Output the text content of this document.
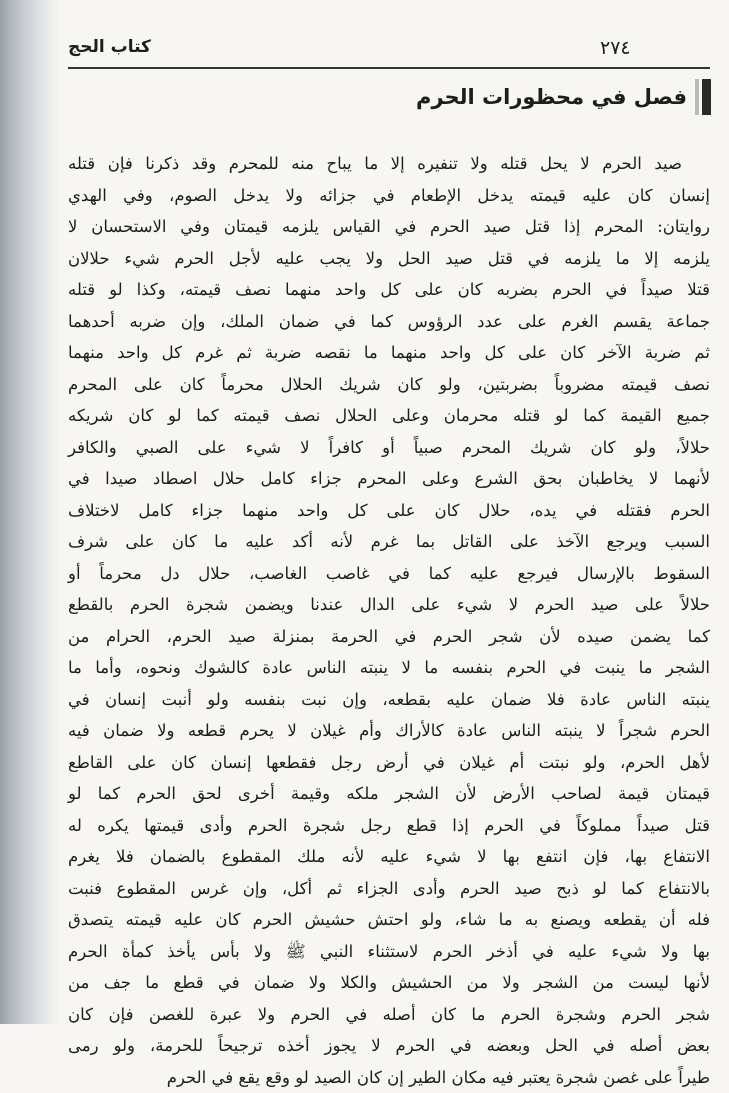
٢٧٤
كتاب الحج
فصل في محظورات الحرم
صيد الحرم لا يحل قتله ولا تنفيره إلا ما يباح منه للمحرم وقد ذكرنا فإن قتله
إنسان كان عليه قيمته يدخل الإطعام في جزائه ولا يدخل الصوم، وفي الهدي
روايتان: المحرم إذا قتل صيد الحرم في القياس يلزمه قيمتان وفي الاستحسان لا
يلزمه إلا ما يلزمه في قتل صيد الحل ولا يجب عليه لأجل الحرم شيء حلالان
قتلا صيداً في الحرم بضربه كان على كل واحد منهما نصف قيمته، وكذا لو قتله
جماعة يقسم الغرم على عدد الرؤوس كما في ضمان الملك، وإن ضربه أحدهما
ثم ضربة الآخر كان على كل واحد منهما ما نقصه ضربة ثم غرم كل واحد منهما
نصف قيمته مضروباً بضربتين، ولو كان شريك الحلال محرماً كان على المحرم
جميع القيمة كما لو قتله محرمان وعلى الحلال نصف قيمته كما لو كان شريكه
حلالاً، ولو كان شريك المحرم صبياً أو كافراً لا شيء على الصبي والكافر
لأنهما لا يخاطبان بحق الشرع وعلى المحرم جزاء كامل حلال اصطاد صيدا في
الحرم فقتله في يده، حلال كان على كل واحد منهما جزاء كامل لاختلاف
السبب ويرجع الآخذ على القاتل بما غرم لأنه أكد عليه ما كان على شرف
السقوط بالإرسال فيرجع عليه كما في غاصب الغاصب، حلال دل محرماً أو
حلالاً على صيد الحرم لا شيء على الدال عندنا ويضمن شجرة الحرم بالقطع
كما يضمن صيده لأن شجر الحرم في الحرمة بمنزلة صيد الحرم، الحرام من
الشجر ما ينبت في الحرم بنفسه ما لا ينبته الناس عادة كالشوك ونحوه، وأما ما
ينبته الناس عادة فلا ضمان عليه بقطعه، وإن نبت بنفسه ولو أنبت إنسان في
الحرم شجراً لا ينبته الناس عادة كالأراك وأم غيلان لا يحرم قطعه ولا ضمان فيه
لأهل الحرم، ولو نبتت أم غيلان في أرض رجل فقطعها إنسان كان على القاطع
قيمتان قيمة لصاحب الأرض لأن الشجر ملكه وقيمة أخرى لحق الحرم كما لو
قتل صيداً مملوكاً في الحرم إذا قطع رجل شجرة الحرم وأدى قيمتها يكره له
الانتفاع بها، فإن انتفع بها لا شيء عليه لأنه ملك المقطوع بالضمان فلا يغرم
بالانتفاع كما لو ذبح صيد الحرم وأدى الجزاء ثم أكل، وإن غرس المقطوع فنبت
فله أن يقطعه ويصنع به ما شاء، ولو احتش حشيش الحرم كان عليه قيمته يتصدق
بها ولا شيء عليه في أذخر الحرم لاستثناء النبي ﷺ ولا بأس يأخذ كمأة الحرم
لأنها ليست من الشجر ولا من الحشيش والكلا ولا ضمان في قطع ما جف من
شجر الحرم وشجرة الحرم ما كان أصله في الحرم ولا عبرة للغصن فإن كان
بعض أصله في الحل وبعضه في الحرم لا يجوز أخذه ترجيحاً للحرمة، ولو رمى
طيراً على غصن شجرة يعتبر فيه مكان الطير إن كان الصيد لو وقع يقع في الحرم
